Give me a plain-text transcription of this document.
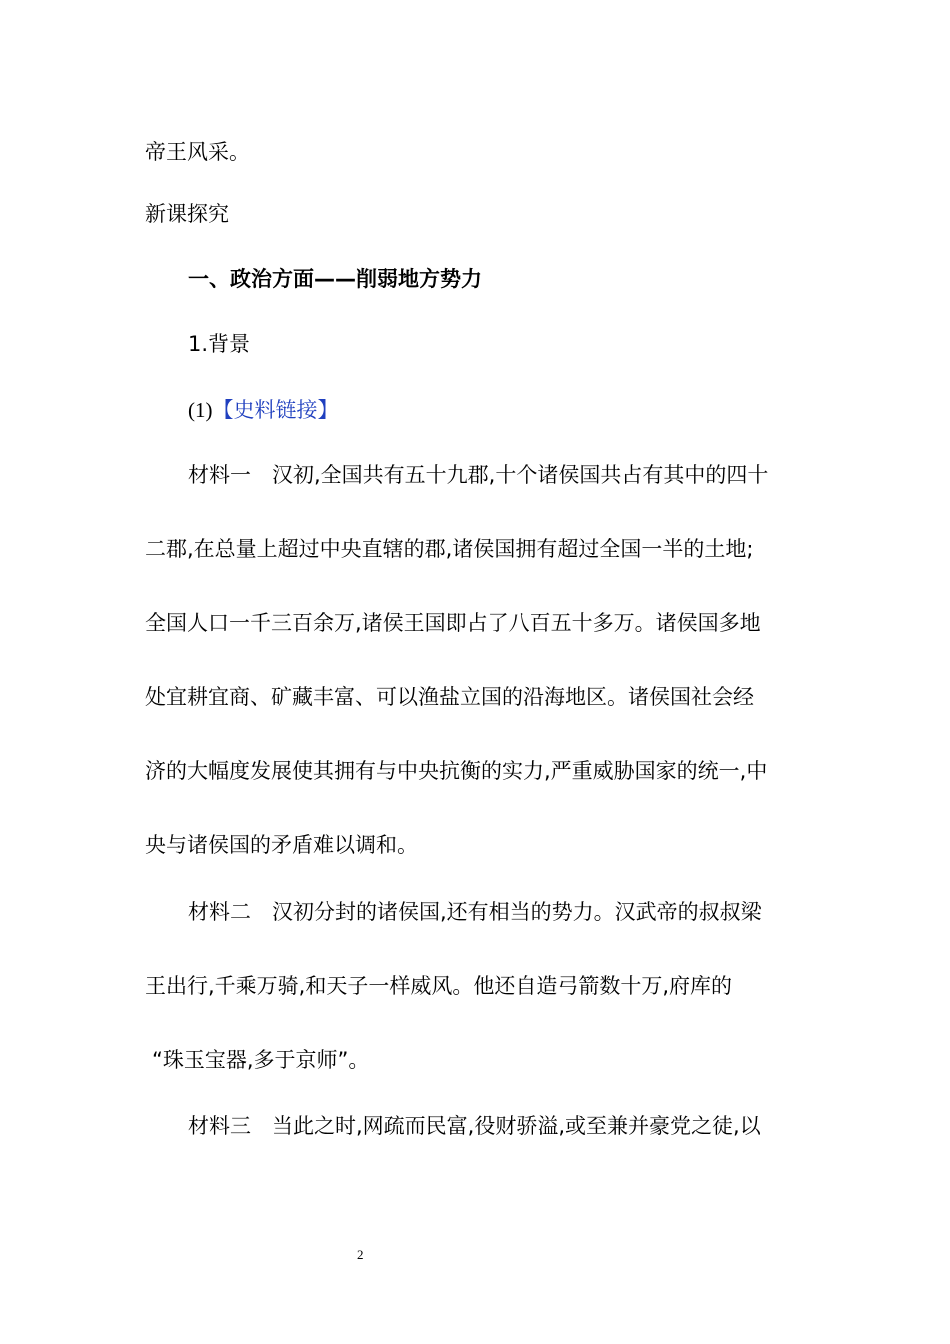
帝王风采。
新课探究
一、政治方面——削弱地方势力
1.背景
(1)【史料链接】
材料一　汉初,全国共有五十九郡,十个诸侯国共占有其中的四十
二郡,在总量上超过中央直辖的郡,诸侯国拥有超过全国一半的土地;
全国人口一千三百余万,诸侯王国即占了八百五十多万。诸侯国多地
处宜耕宜商、矿藏丰富、可以渔盐立国的沿海地区。诸侯国社会经
济的大幅度发展使其拥有与中央抗衡的实力,严重威胁国家的统一,中
央与诸侯国的矛盾难以调和。
材料二　汉初分封的诸侯国,还有相当的势力。汉武帝的叔叔梁
王出行,千乘万骑,和天子一样威风。他还自造弓箭数十万,府库的
“珠玉宝器,多于京师”。
材料三　当此之时,网疏而民富,役财骄溢,或至兼并豪党之徒,以
2
